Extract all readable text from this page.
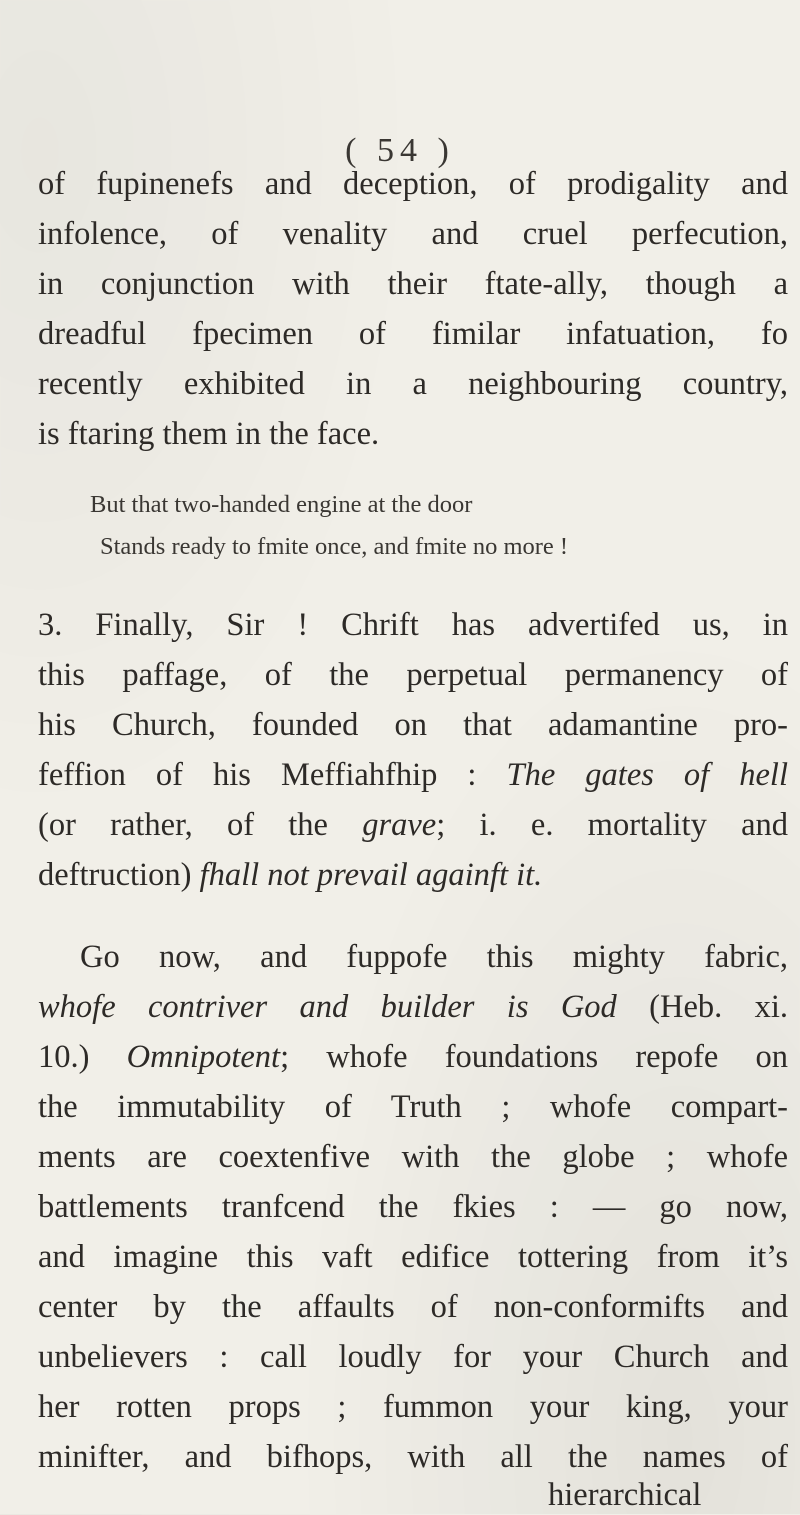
( 54 )
of fupinenefs and deception, of prodigality and
infolence, of venality and cruel perfecution,
in conjunction with their ftate-ally, though a
dreadful fpecimen of fimilar infatuation, fo
recently exhibited in a neighbouring country,
is ftaring them in the face.
But that two-handed engine at the door
Stands ready to fmite once, and fmite no more !
3. Finally, Sir ! Chrift has advertifed us, in
this paffage, of the perpetual permanency of
his Church, founded on that adamantine pro-
feffion of his Meffiahfhip : The gates of hell
(or rather, of the grave; i. e. mortality and
deftruction) fhall not prevail againft it.
Go now, and fuppofe this mighty fabric,
whofe contriver and builder is God (Heb. xi.
10.) Omnipotent; whofe foundations repofe on
the immutability of Truth ; whofe compart-
ments are coextenfive with the globe ; whofe
battlements tranfcend the fkies : — go now,
and imagine this vaft edifice tottering from it’s
center by the affaults of non-conformifts and
unbelievers : call loudly for your Church and
her rotten props ; fummon your king, your
minifter, and bifhops, with all the names of
hierarchical
